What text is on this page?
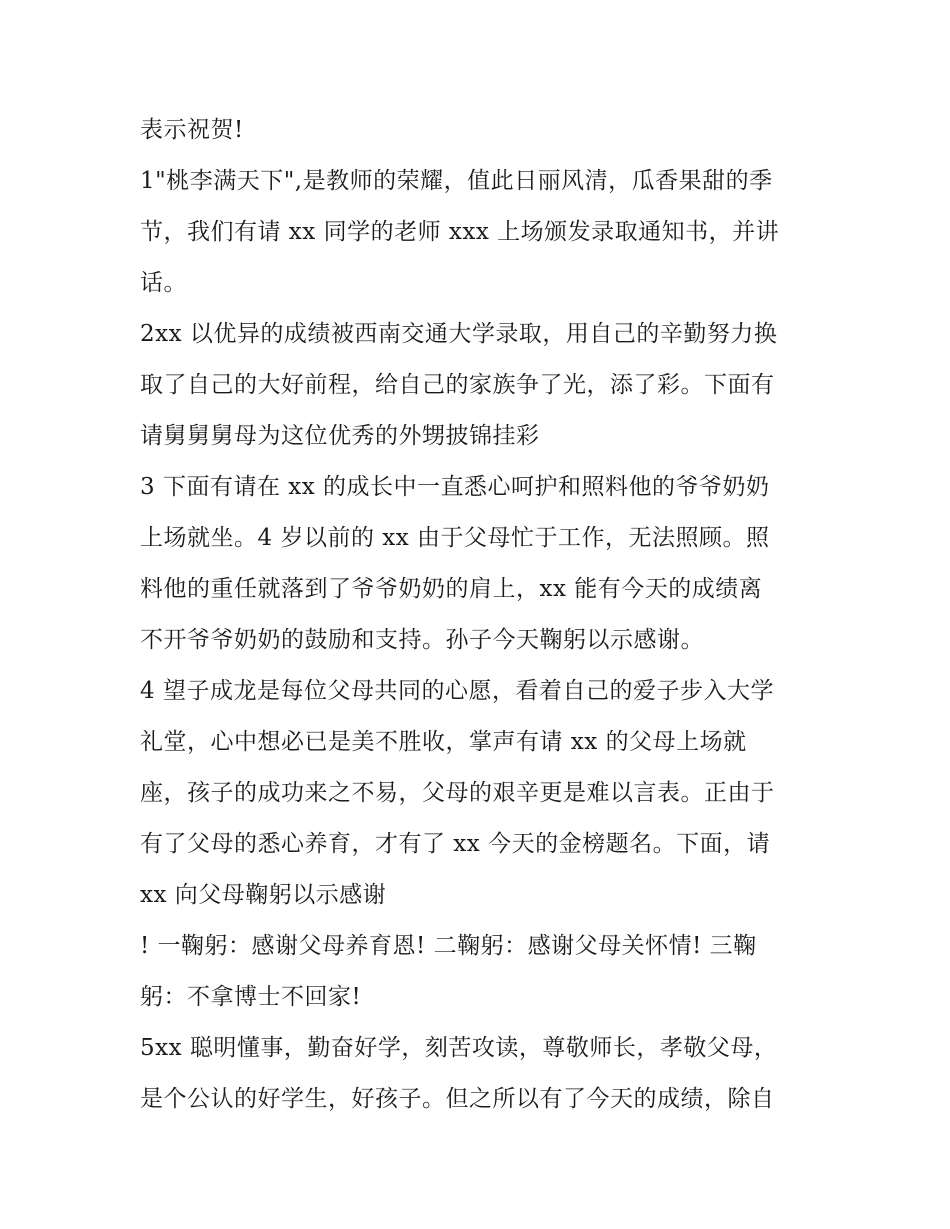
表示祝贺!
1"桃李满天下",是教师的荣耀，值此日丽风清，瓜香果甜的季
节，我们有请 xx 同学的老师 xxx 上场颁发录取通知书，并讲
话。
2xx 以优异的成绩被西南交通大学录取，用自己的辛勤努力换
取了自己的大好前程，给自己的家族争了光，添了彩。下面有
请舅舅舅母为这位优秀的外甥披锦挂彩
3 下面有请在 xx 的成长中一直悉心呵护和照料他的爷爷奶奶
上场就坐。4 岁以前的 xx 由于父母忙于工作，无法照顾。照
料他的重任就落到了爷爷奶奶的肩上，xx 能有今天的成绩离
不开爷爷奶奶的鼓励和支持。孙子今天鞠躬以示感谢。
4 望子成龙是每位父母共同的心愿，看着自己的爱子步入大学
礼堂，心中想必已是美不胜收，掌声有请 xx 的父母上场就
座，孩子的成功来之不易，父母的艰辛更是难以言表。正由于
有了父母的悉心养育，才有了 xx 今天的金榜题名。下面，请
xx 向父母鞠躬以示感谢
! 一鞠躬：感谢父母养育恩! 二鞠躬：感谢父母关怀情! 三鞠
躬：不拿博士不回家!
5xx 聪明懂事，勤奋好学，刻苦攻读，尊敬师长，孝敬父母，
是个公认的好学生，好孩子。但之所以有了今天的成绩，除自
